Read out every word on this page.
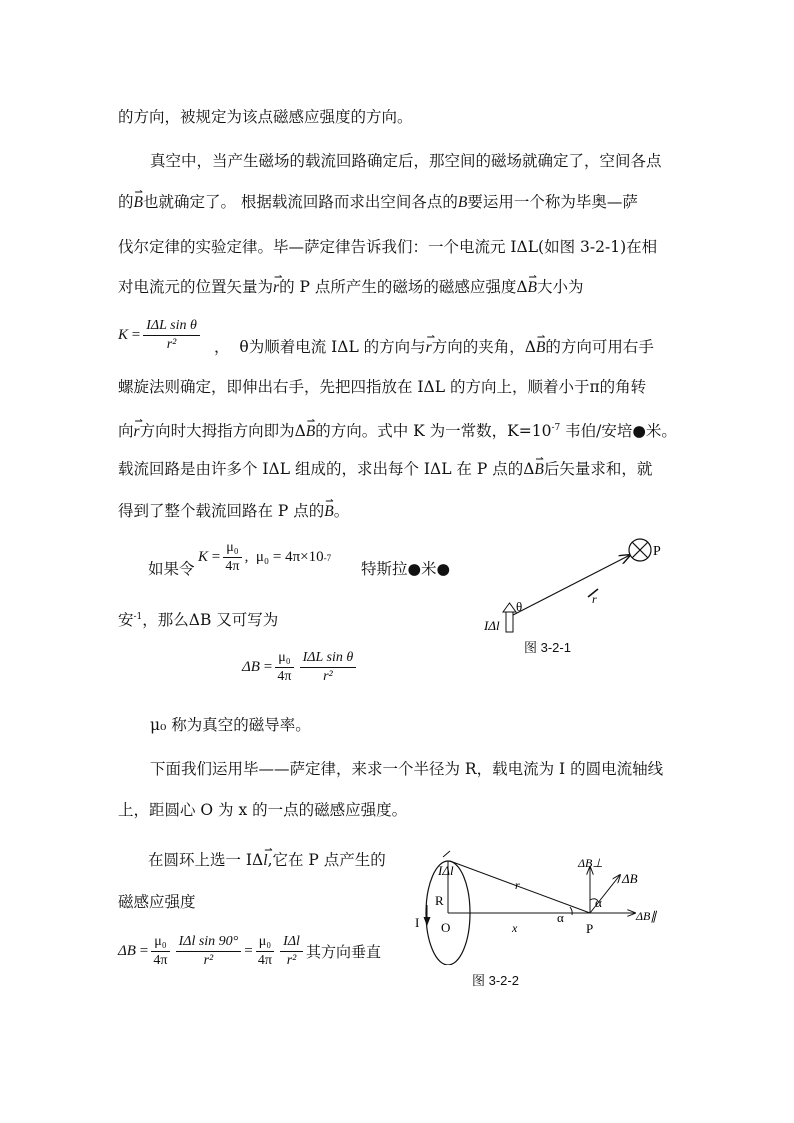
的方向，被规定为该点磁感应强度的方向。
真空中，当产生磁场的载流回路确定后，那空间的磁场就确定了，空间各点
的B ⇀也就确定了。 根据载流回路而求出空间各点的B要运用一个称为毕奥—萨
伐尔定律的实验定律。毕—萨定律告诉我们：一个电流元 IΔL(如图 3-2-1)在相
对电流元的位置矢量为r ⇀的 P 点所产生的磁场的磁感应强度ΔB ⇀大小为
K
= $\frac{\text{IΔL sin θ}}{\text{r²}}$ ， θ为顺着电流 IΔL 的方向与r ⇀方向的夹角，ΔB ⇀的方向可用右手
螺旋法则确定，即伸出右手，先把四指放在 IΔL 的方向上，顺着小于π的角转
向r ⇀方向时大拇指方向即为ΔB ⇀的方向。式中 K 为一常数，$K=10^{-7}$ 韦伯/安培●米。
载流回路是由许多个 IΔL 组成的，求出每个 IΔL 在 P 点的ΔB ⇀后矢量求和，就
得到了整个载流回路在 P 点的B ⇀。
如果令
K
= $\frac{\text{μ₀}}{4\pi}$ ,
μ₀ = 4π×10 -7
特斯拉●米●
安$^{-1}$，那么ΔB 又可写为
ΔB
= $\frac{\text{μ₀}}{4\pi} \frac{\text{IΔL sin θ}}{\text{r²}}$
μ₀ 称为真空的磁导率。
下面我们运用毕——萨定律，来求一个半径为 R，载电流为 I 的圆电流轴线
上，距圆心 O 为 x 的一点的磁感应强度。
在圆环上选一 IΔl ⇀,它在 P 点产生的
磁感应强度
ΔB
= $\frac{\text{μ₀}}{4\pi} \frac{\text{IΔl sin 90°}}{\text{r²}} = \frac{\text{μ₀}}{4\pi} \frac{\text{IΔl}}{\text{r²}}$ 其方向垂直
P
IΔl
θ	r
图 3-2-1
IΔl
r
R
I O	x
α
α
P
ΔB
ΔB⊥
ΔB∥
图 3-2-2
